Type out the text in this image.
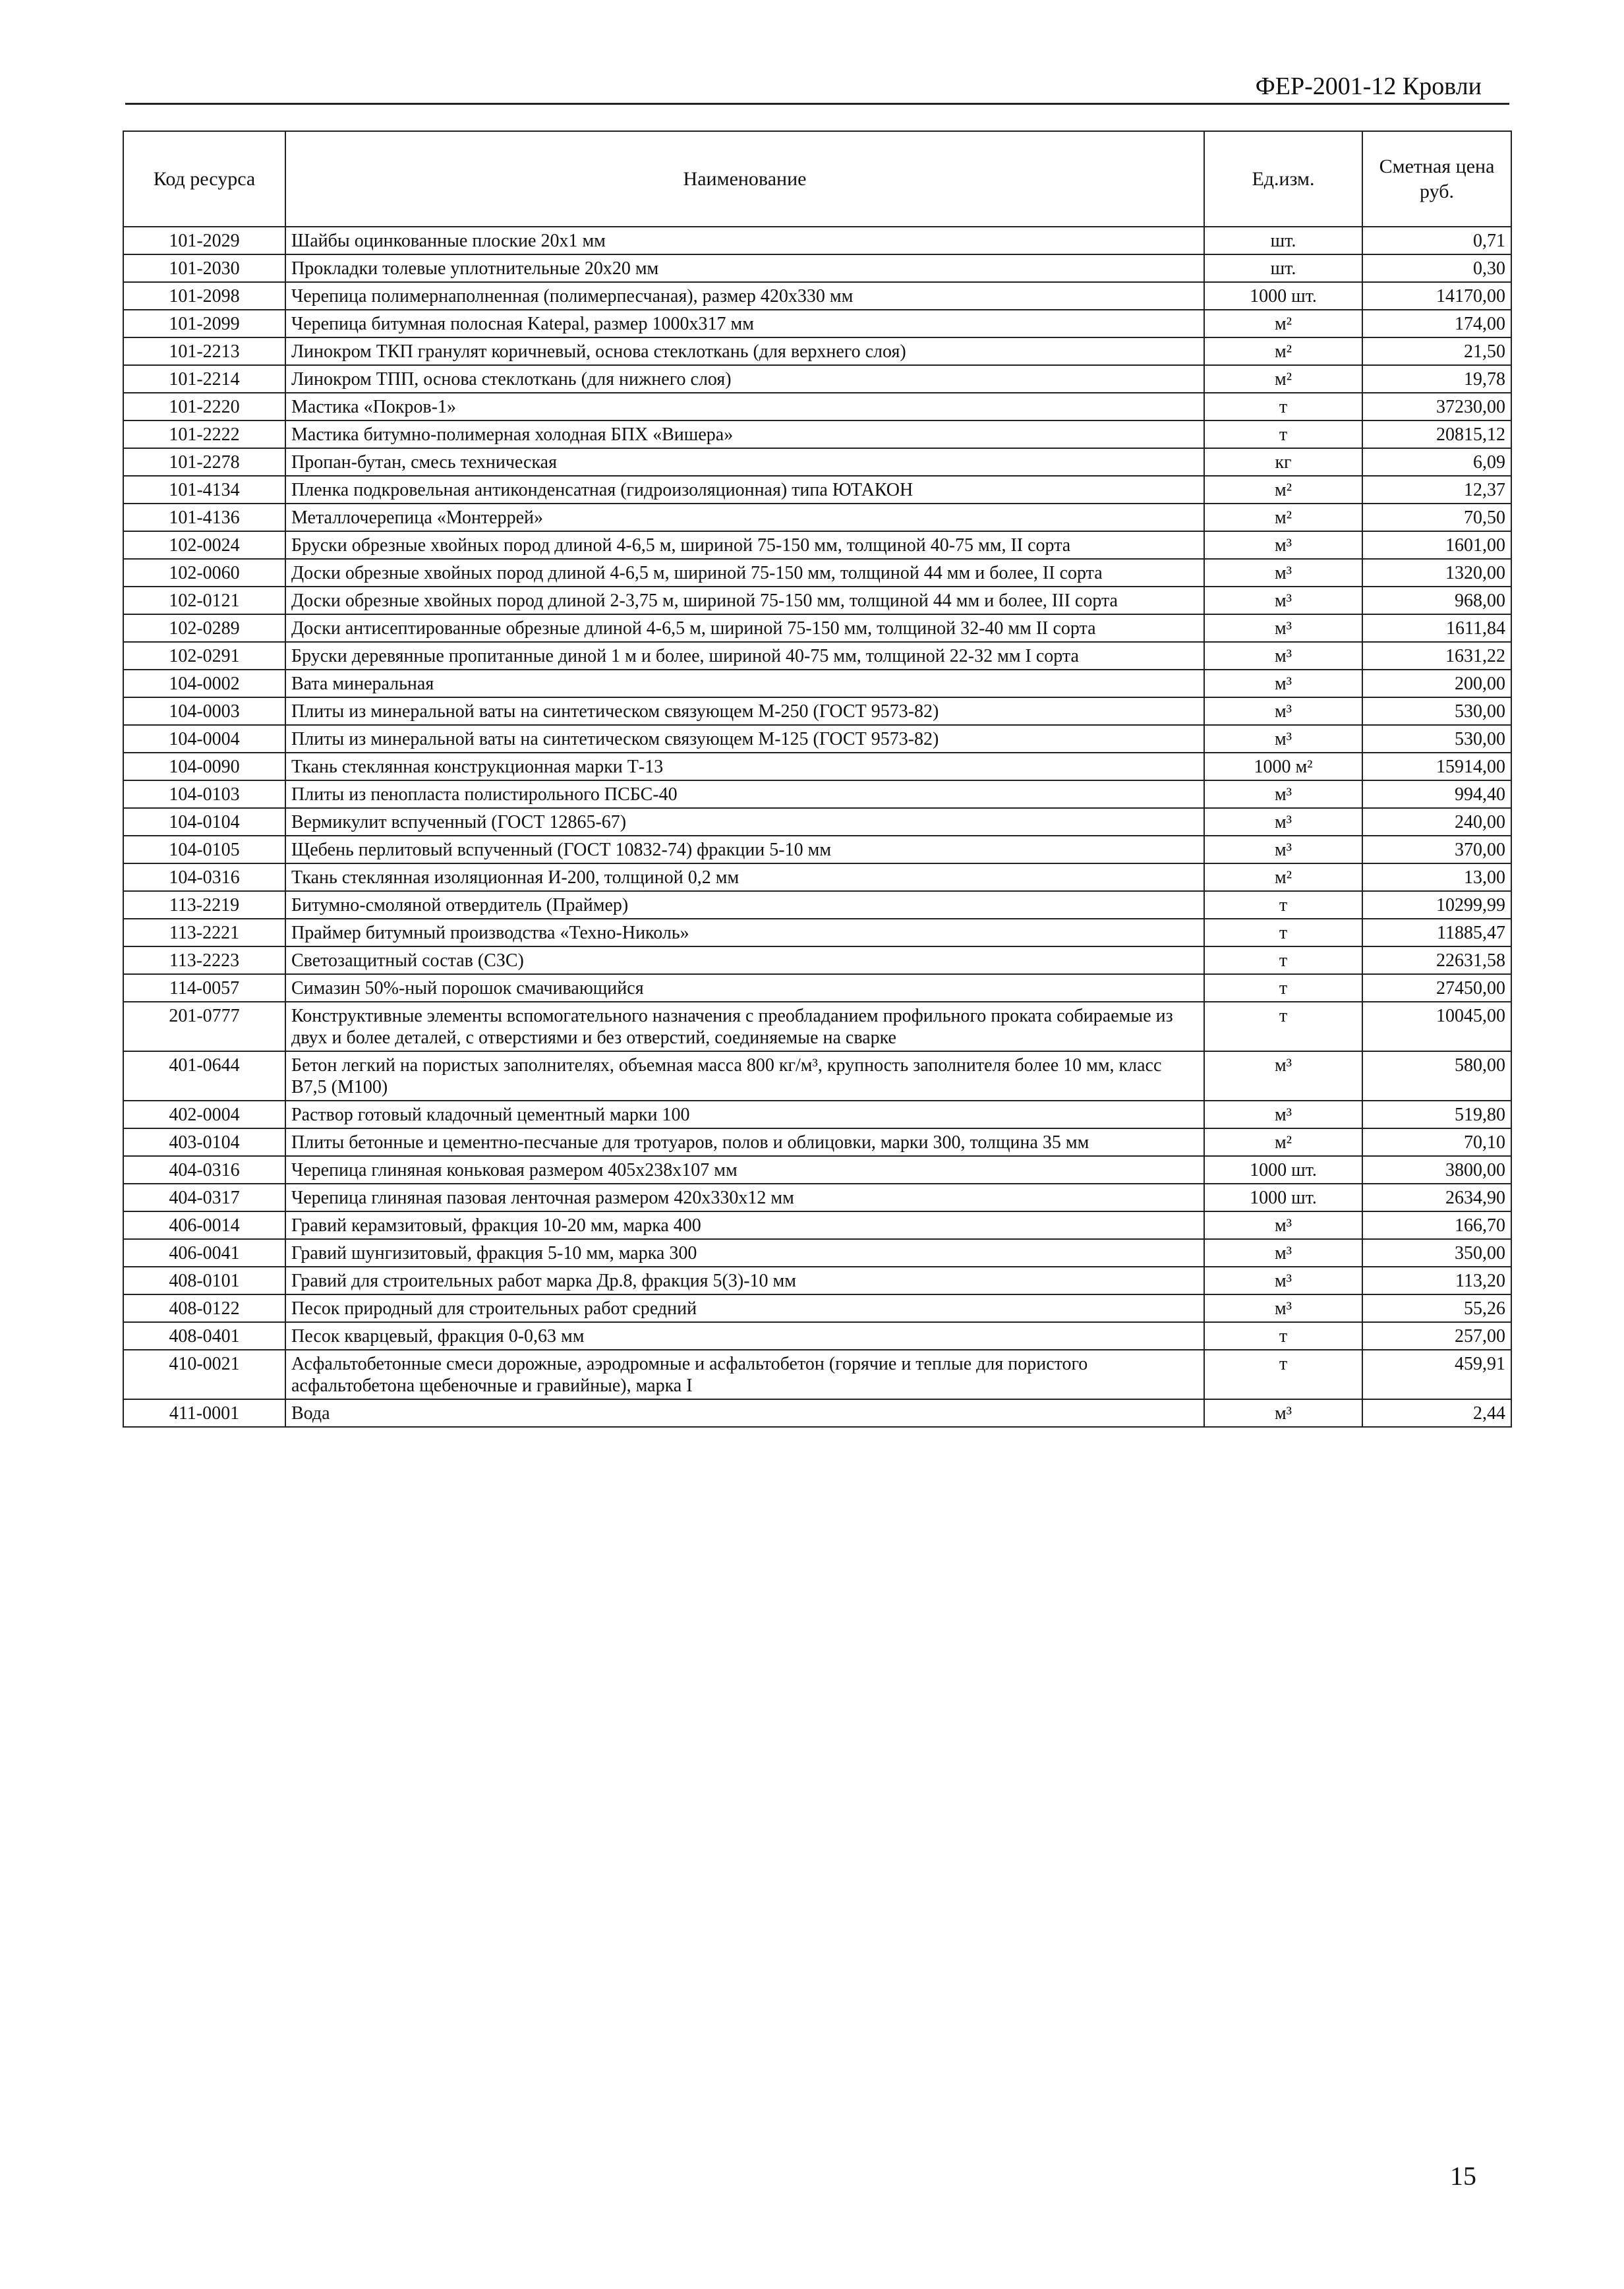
ФЕР-2001-12 Кровли
Код ресурса	Наименование	Ед.изм.	Сметная цена руб.
101-2029	Шайбы оцинкованные плоские 20х1 мм	шт.	0,71
101-2030	Прокладки толевые уплотнительные 20х20 мм	шт.	0,30
101-2098	Черепица полимернаполненная (полимерпесчаная), размер 420x330 мм	1000 шт.	14170,00
101-2099	Черепица битумная полосная Katepal, размер 1000х317 мм	м²	174,00
101-2213	Линокром ТКП гранулят коричневый, основа стеклоткань (для верхнего слоя)	м²	21,50
101-2214	Линокром ТПП, основа стеклоткань (для нижнего слоя)	м²	19,78
101-2220	Мастика «Покров-1»	т	37230,00
101-2222	Мастика битумно-полимерная холодная БПХ «Вишера»	т	20815,12
101-2278	Пропан-бутан, смесь техническая	кг	6,09
101-4134	Пленка подкровельная антиконденсатная (гидроизоляционная) типа ЮТАКОН	м²	12,37
101-4136	Металлочерепица «Монтеррей»	м²	70,50
102-0024	Бруски обрезные хвойных пород длиной 4-6,5 м, шириной 75-150 мм, толщиной 40-75 мм, II сорта	м³	1601,00
102-0060	Доски обрезные хвойных пород длиной 4-6,5 м, шириной 75-150 мм, толщиной 44 мм и более, II сорта	м³	1320,00
102-0121	Доски обрезные хвойных пород длиной 2-3,75 м, шириной 75-150 мм, толщиной 44 мм и более, III сорта	м³	968,00
102-0289	Доски антисептированные обрезные длиной 4-6,5 м, шириной 75-150 мм, толщиной 32-40 мм II сорта	м³	1611,84
102-0291	Бруски деревянные пропитанные диной 1 м и более, шириной 40-75 мм, толщиной 22-32 мм I сорта	м³	1631,22
104-0002	Вата минеральная	м³	200,00
104-0003	Плиты из минеральной ваты на синтетическом связующем М-250 (ГОСТ 9573-82)	м³	530,00
104-0004	Плиты из минеральной ваты на синтетическом связующем М-125 (ГОСТ 9573-82)	м³	530,00
104-0090	Ткань стеклянная конструкционная марки Т-13	1000 м²	15914,00
104-0103	Плиты из пенопласта полистирольного ПСБС-40	м³	994,40
104-0104	Вермикулит вспученный (ГОСТ 12865-67)	м³	240,00
104-0105	Щебень перлитовый вспученный (ГОСТ 10832-74) фракции 5-10 мм	м³	370,00
104-0316	Ткань стеклянная изоляционная И-200, толщиной 0,2 мм	м²	13,00
113-2219	Битумно-смоляной отвердитель (Праймер)	т	10299,99
113-2221	Праймер битумный производства «Техно-Николь»	т	11885,47
113-2223	Светозащитный состав (СЗС)	т	22631,58
114-0057	Симазин 50%-ный порошок смачивающийся	т	27450,00
201-0777	Конструктивные элементы вспомогательного назначения с преобладанием профильного проката собираемые из двух и более деталей, с отверстиями и без отверстий, соединяемые на сварке	т	10045,00
401-0644	Бетон легкий на пористых заполнителях, объемная масса 800 кг/м³, крупность заполнителя более 10 мм, класс В7,5 (М100)	м³	580,00
402-0004	Раствор готовый кладочный цементный марки 100	м³	519,80
403-0104	Плиты бетонные и цементно-песчаные для тротуаров, полов и облицовки, марки 300, толщина 35 мм	м²	70,10
404-0316	Черепица глиняная коньковая размером 405х238х107 мм	1000 шт.	3800,00
404-0317	Черепица глиняная пазовая ленточная размером 420х330х12 мм	1000 шт.	2634,90
406-0014	Гравий керамзитовый, фракция 10-20 мм, марка 400	м³	166,70
406-0041	Гравий шунгизитовый, фракция 5-10 мм, марка 300	м³	350,00
408-0101	Гравий для строительных работ марка Др.8, фракция 5(3)-10 мм	м³	113,20
408-0122	Песок природный для строительных работ средний	м³	55,26
408-0401	Песок кварцевый, фракция 0-0,63 мм	т	257,00
410-0021	Асфальтобетонные смеси дорожные, аэродромные и асфальтобетон (горячие и теплые для пористого асфальтобетона щебеночные и гравийные), марка I	т	459,91
411-0001	Вода	м³	2,44
15
